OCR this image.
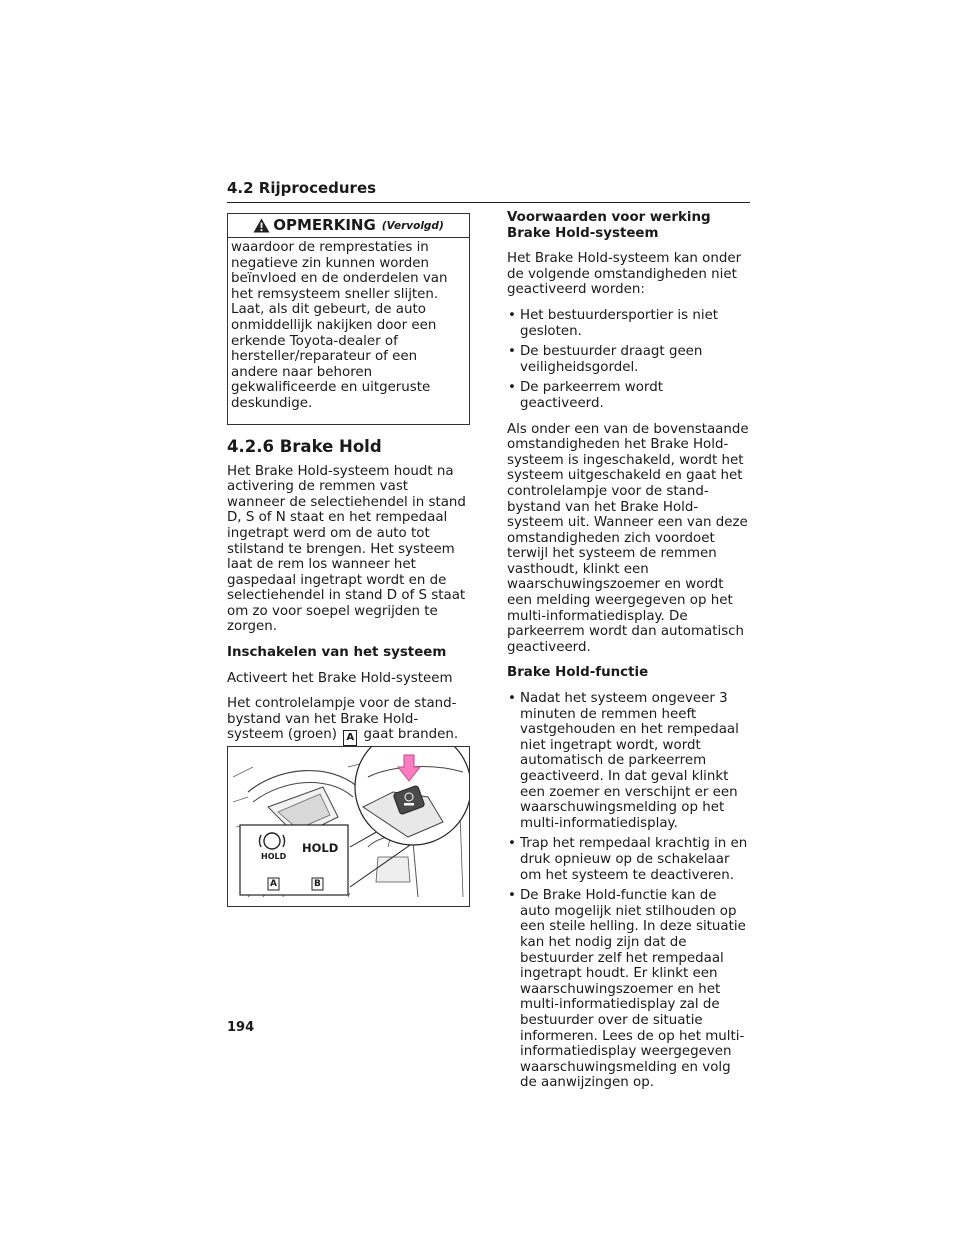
4.2 Rijprocedures
OPMERKING (Vervolgd)
waardoor de remprestaties in negatieve zin kunnen worden beïnvloed en de onderdelen van het remsysteem sneller slijten. Laat, als dit gebeurt, de auto onmiddellijk nakijken door een erkende Toyota-dealer of hersteller/reparateur of een andere naar behoren gekwalificeerde en uitgeruste deskundige.
4.2.6 Brake Hold

Het Brake Hold-systeem houdt na activering de remmen vast wanneer de selectiehendel in stand D, S of N staat en het rempedaal ingetrapt werd om de auto tot stilstand te brengen. Het systeem laat de rem los wanneer het gaspedaal ingetrapt wordt en de selectiehendel in stand D of S staat om zo voor soepel wegrijden te zorgen.

Inschakelen van het systeem

Activeert het Brake Hold-systeem

Het controlelampje voor de stand-bystand van het Brake Hold-systeem (groen) A gaat branden.

HOLD
HOLD
A	B

Voorwaarden voor werking Brake Hold-systeem

Het Brake Hold-systeem kan onder de volgende omstandigheden niet geactiveerd worden:

• Het bestuurdersportier is niet gesloten.
• De bestuurder draagt geen veiligheidsgordel.
• De parkeerrem wordt geactiveerd.

Als onder een van de bovenstaande omstandigheden het Brake Hold-systeem is ingeschakeld, wordt het systeem uitgeschakeld en gaat het controlelampje voor de stand-bystand van het Brake Hold-systeem uit. Wanneer een van deze omstandigheden zich voordoet terwijl het systeem de remmen vasthoudt, klinkt een waarschuwingszoemer en wordt een melding weergegeven op het multi-informatiedisplay. De parkeerrem wordt dan automatisch geactiveerd.

Brake Hold-functie

• Nadat het systeem ongeveer 3 minuten de remmen heeft vastgehouden en het rempedaal niet ingetrapt wordt, wordt automatisch de parkeerrem geactiveerd. In dat geval klinkt een zoemer en verschijnt er een waarschuwingsmelding op het multi-informatiedisplay.
• Trap het rempedaal krachtig in en druk opnieuw op de schakelaar om het systeem te deactiveren.
• De Brake Hold-functie kan de auto mogelijk niet stilhouden op een steile helling. In deze situatie kan het nodig zijn dat de bestuurder zelf het rempedaal ingetrapt houdt. Er klinkt een waarschuwingszoemer en het multi-informatiedisplay zal de bestuurder over de situatie informeren. Lees de op het multi-informatiedisplay weergegeven waarschuwingsmelding en volg de aanwijzingen op.
194
